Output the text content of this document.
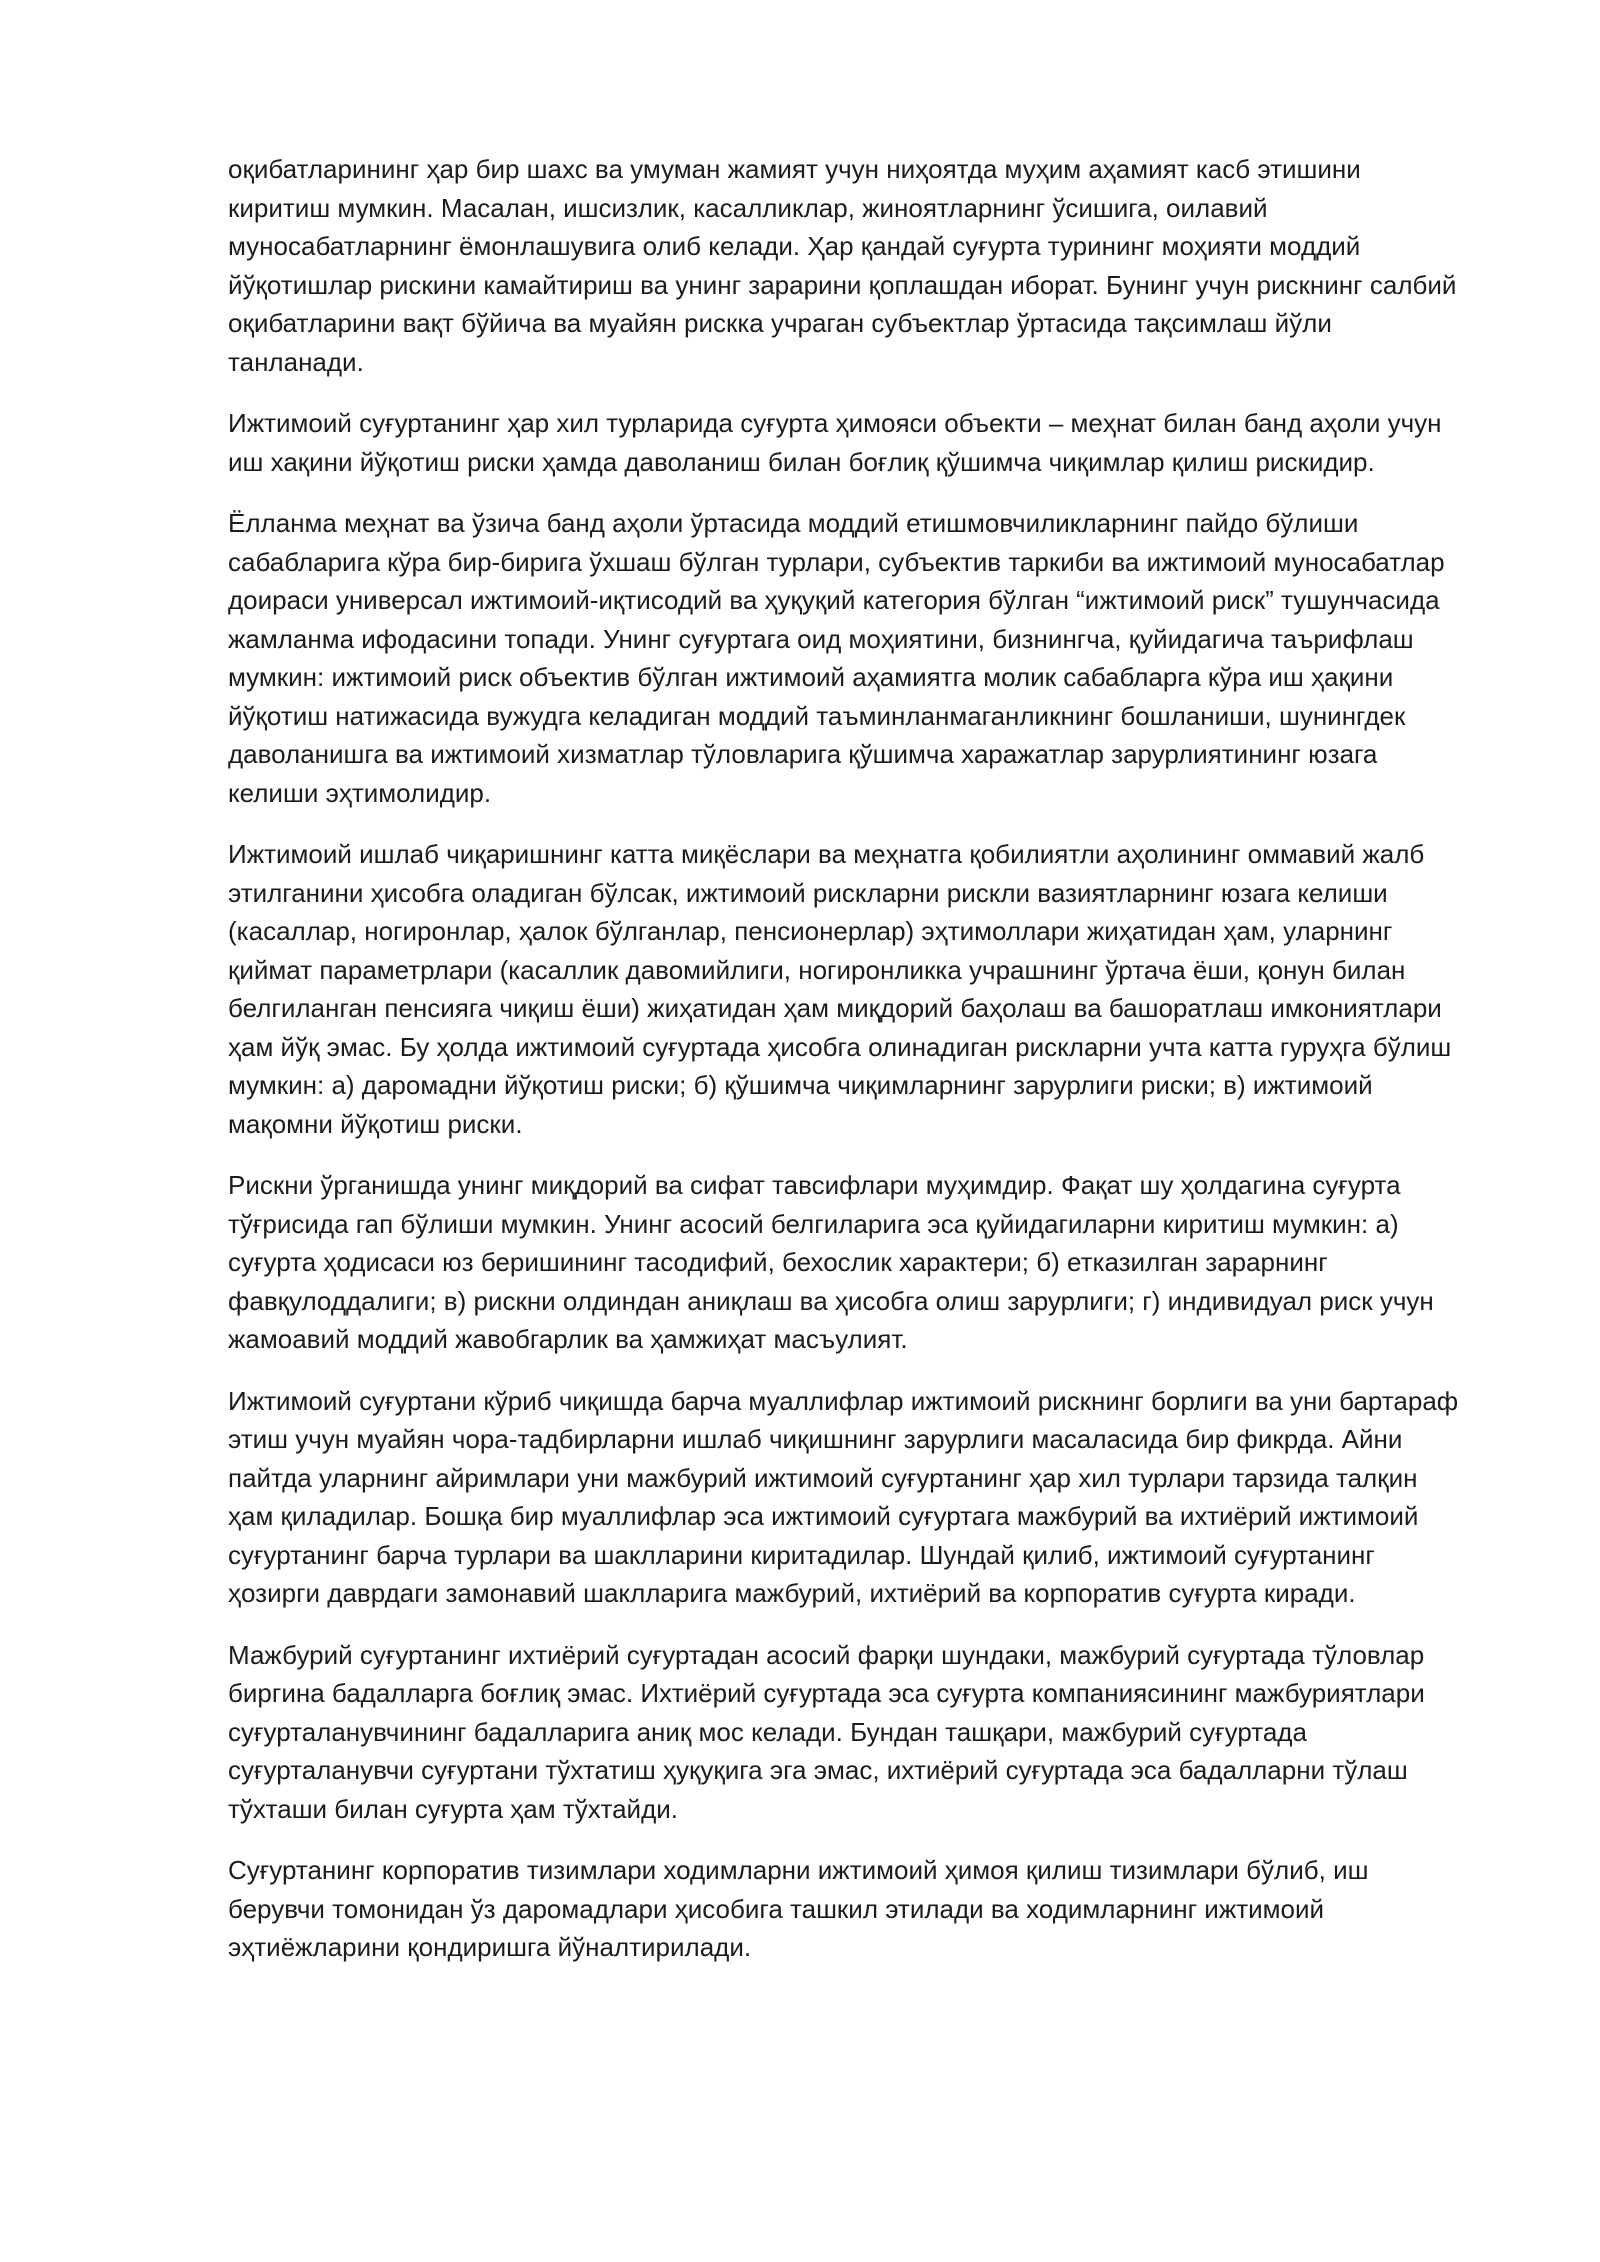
оқибатларининг ҳар бир шахс ва умуман жамият учун ниҳоятда муҳим аҳамият касб этишини киритиш мумкин. Масалан, ишсизлик, касалликлар, жиноятларнинг ўсишига, оилавий муносабатларнинг ёмонлашувига олиб келади. Ҳар қандай суғурта турининг моҳияти моддий йўқотишлар рискини камайтириш ва унинг зарарини қоплашдан иборат. Бунинг учун рискнинг салбий оқибатларини вақт бўйича ва муайян рискка учраган субъектлар ўртасида тақсимлаш йўли танланади.

Ижтимоий суғуртанинг ҳар хил турларида суғурта ҳимояси объекти – меҳнат билан банд аҳоли учун иш хақини йўқотиш риски ҳамда даволаниш билан боғлиқ қўшимча чиқимлар қилиш рискидир.

Ёлланма меҳнат ва ўзича банд аҳоли ўртасида моддий етишмовчиликларнинг пайдо бўлиши сабабларига кўра бир-бирига ўхшаш бўлган турлари, субъектив таркиби ва ижтимоий муносабатлар доираси универсал ижтимоий-иқтисодий ва ҳуқуқий категория бўлган “ижтимоий риск” тушунчасида жамланма ифодасини топади. Унинг суғуртага оид моҳиятини, бизнингча, қуйидагича таърифлаш мумкин: ижтимоий риск объектив бўлган ижтимоий аҳамиятга молик сабабларга кўра иш ҳақини йўқотиш натижасида вужудга келадиган моддий таъминланмаганликнинг бошланиши, шунингдек даволанишга ва ижтимоий хизматлар тўловларига қўшимча харажатлар зарурлиятининг юзага келиши эҳтимолидир.

Ижтимоий ишлаб чиқаришнинг катта миқёслари ва меҳнатга қобилиятли аҳолининг оммавий жалб этилганини ҳисобга оладиган бўлсак, ижтимоий рискларни рискли вазиятларнинг юзага келиши (касаллар, ногиронлар, ҳалок бўлганлар, пенсионерлар) эҳтимоллари жиҳатидан ҳам, уларнинг қиймат параметрлари (касаллик давомийлиги, ногиронликка учрашнинг ўртача ёши, қонун билан белгиланган пенсияга чиқиш ёши) жиҳатидан ҳам миқдорий баҳолаш ва башоратлаш имкониятлари ҳам йўқ эмас. Бу ҳолда ижтимоий суғуртада ҳисобга олинадиган рискларни учта катта гуруҳга бўлиш мумкин: а) даромадни йўқотиш риски; б) қўшимча чиқимларнинг зарурлиги риски; в) ижтимоий мақомни йўқотиш риски.

Рискни ўрганишда унинг миқдорий ва сифат тавсифлари муҳимдир. Фақат шу ҳолдагина суғурта тўғрисида гап бўлиши мумкин. Унинг асосий белгиларига эса қуйидагиларни киритиш мумкин: а) суғурта ҳодисаси юз беришининг тасодифий, бехослик характери; б) етказилган зарарнинг фавқулоддалиги; в) рискни олдиндан аниқлаш ва ҳисобга олиш зарурлиги; г) индивидуал риск учун жамоавий моддий жавобгарлик ва ҳамжиҳат масъулият.

Ижтимоий суғуртани кўриб чиқишда барча муаллифлар ижтимоий рискнинг борлиги ва уни бартараф этиш учун муайян чора-тадбирларни ишлаб чиқишнинг зарурлиги масаласида бир фикрда. Айни пайтда уларнинг айримлари уни мажбурий ижтимоий суғуртанинг ҳар хил турлари тарзида талқин ҳам қиладилар. Бошқа бир муаллифлар эса ижтимоий суғуртага мажбурий ва ихтиёрий ижтимоий суғуртанинг барча турлари ва шаклларини киритадилар. Шундай қилиб, ижтимоий суғуртанинг ҳозирги даврдаги замонавий шаклларига мажбурий, ихтиёрий ва корпоратив суғурта киради.

Мажбурий суғуртанинг ихтиёрий суғуртадан асосий фарқи шундаки, мажбурий суғуртада тўловлар биргина бадалларга боғлиқ эмас. Ихтиёрий суғуртада эса суғурта компаниясининг мажбуриятлари суғурталанувчининг бадалларига аниқ мос келади. Бундан ташқари, мажбурий суғуртада суғурталанувчи суғуртани тўхтатиш ҳуқуқига эга эмас, ихтиёрий суғуртада эса бадалларни тўлаш тўхташи билан суғурта ҳам тўхтайди.

Суғуртанинг корпоратив тизимлари ходимларни ижтимоий ҳимоя қилиш тизимлари бўлиб, иш берувчи томонидан ўз даромадлари ҳисобига ташкил этилади ва ходимларнинг ижтимоий эҳтиёжларини қондиришга йўналтирилади.
